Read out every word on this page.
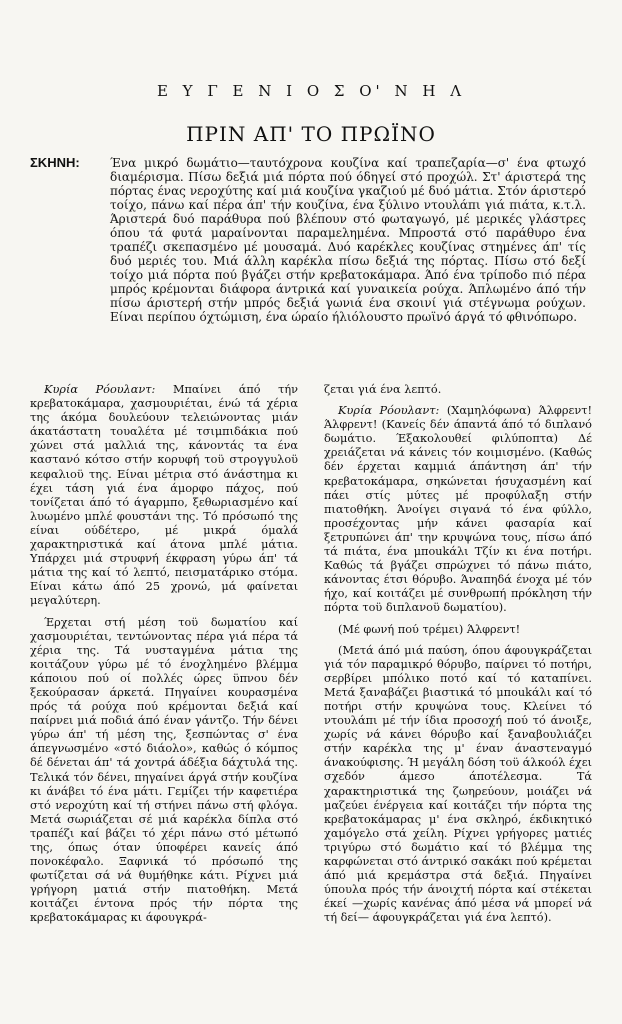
Ε Υ Γ Ε Ν Ι Ο Σ Ο' Ν Η Λ
ΠΡΙΝ ΑΠ' ΤΟ ΠΡΩΪΝΟ
ΣΚΗΝΗ:	Ένα μικρό δωμάτιο—ταυτόχρονα κουζίνα καί τραπεζαρία—σ' ένα φτωχό διαμέρισμα. Πίσω δεξιά μιά πόρτα πού όδηγεί στό προχώλ. Στ' άριστερά της πόρτας ένας νεροχύτης καί μιά κουζίνα γκαζιού μέ δυό μάτια. Στόν άριστερό τοίχο, πάνω καί πέρα άπ' τήν κουζίνα, ένα ξύλινο ντουλάπι γιά πιάτα, κ.τ.λ. Άριστερά δυό παράθυρα πού βλέπουν στό φωταγωγό, μέ μερικές γλάστρες όπου τά φυτά μαραίνονται παραμελημένα. Μπροστά στό παράθυρο ένα τραπέζι σκεπασμένο μέ μουσαμά. Δυό καρέκλες κουζίνας στημένες άπ' τίς δυό μεριές του. Μιά άλλη καρέκλα πίσω δεξιά της πόρτας. Πίσω στό δεξί τοίχο μιά πόρτα πού βγάζει στήν κρεβατοκάμαρα. Άπό ένα τρίποδο πιό πέρα μπρός κρέμονται διάφορα άντρικά καί γυναικεία ρούχα. Άπλωμένο άπό τήν πίσω άριστερή στήν μπρός δεξιά γωνιά ένα σκοινί γιά στέγνωμα ρούχων. Είναι περίπου όχτώμιση, ένα ώραίο ήλιόλουστο πρωϊνό άργά τό φθινόπωρο.

Κυρία Ρόουλαντ: Μπαίνει άπό τήν κρεβατοκάμαρα, χασμουριέται, ένώ τά χέρια της άκόμα δουλεύουν τελειώνοντας μιάν άκατάστατη τουαλέτα μέ τσιμπιδάκια πού χώνει στά μαλλιά της, κάνοντάς τα ένα καστανό κότσο στήν κορυφή τοϋ στρογγυλοϋ κεφαλιοϋ της. Είναι μέτρια στό άνάστημα κι έχει τάση γιά ένα άμορφο πάχος, πού τονίζεται άπό τό άγαρμπο, ξεθωριασμένο καί λυωμένο μπλέ φουστάνι της. Τό πρόσωπό της είναι ούδέτερο, μέ μικρά όμαλά χαρακτηριστικά καί άτονα μπλέ μάτια. Υπάρχει μιά στρυφνή έκφραση γύρω άπ' τά μάτια της καί τό λεπτό, πεισματάρικο στόμα. Είναι κάτω άπό 25 χρονώ, μά φαίνεται μεγαλύτερη.

Έρχεται στή μέση τοϋ δωματίου καί χασμουριέται, τεντώνοντας πέρα γιά πέρα τά χέρια της. Τά νυσταγμένα μάτια της κοιτάζουν γύρω μέ τό ένοχλημένο βλέμμα κάποιου πού οί πολλές ώρες ϋπνου δέν ξεκούρασαν άρκετά. Πηγαίνει κουρασμένα πρός τά ρούχα πού κρέμονται δεξιά καί παίρνει μιά ποδιά άπό έναν γάντζο. Τήν δένει γύρω άπ' τή μέση της, ξεσπώντας σ' ένα άπεγνωσμένο «στό διάολο», καθώς ό κόμπος δέ δένεται άπ' τά χοντρά άδέξια δάχτυλά της. Τελικά τόν δένει, πηγαίνει άργά στήν κουζίνα κι άνάβει τό ένα μάτι. Γεμίζει τήν καφετιέρα στό νεροχύτη καί τή στήνει πάνω στή φλόγα. Μετά σωριάζεται σέ μιά καρέκλα δίπλα στό τραπέζι καί βάζει τό χέρι πάνω στό μέτωπό της, όπως όταν ύποφέρει κανείς άπό πονοκέφαλο. Ξαφνικά τό πρόσωπό της φωτίζεται σά νά θυμήθηκε κάτι. Ρίχνει μιά γρήγορη ματιά στήν πιατοθήκη. Μετά κοιτάζει έντονα πρός τήν πόρτα της κρεβατοκάμαρας κι άφουγκρά-

ζεται γιά ένα λεπτό.

Κυρία Ρόουλαντ: (Χαμηλόφωνα) Άλφρεντ! Άλφρεντ! (Κανείς δέν άπαντά άπό τό διπλανό δωμάτιο. Έξακολουθεί φιλύποπτα) Δέ χρειάζεται νά κάνεις τόν κοιμισμένο. (Καθώς δέν έρχεται καμμιά άπάντηση άπ' τήν κρεβατοκάμαρα, σηκώνεται ήσυχασμένη καί πάει στίς μύτες μέ προφύλαξη στήν πιατοθήκη. Άνοίγει σιγανά τό ένα φύλλο, προσέχοντας μήν κάνει φασαρία καί ξετρυπώνει άπ' την κρυψώνα τους, πίσω άπό τά πιάτα, ένα μποukάλι Τζίν κι ένα ποτήρι. Καθώς τά βγάζει σπρώχνει τό πάνω πιάτο, κάνοντας έτσι θόρυβο. Άναπηδά ένοχα μέ τόν ήχο, καί κοιτάζει μέ συνθρωπή πρόκληση τήν πόρτα τοϋ διπλανοϋ δωματίου).

(Μέ φωνή πού τρέμει) Άλφρεντ!

(Μετά άπό μιά παύση, όπου άφουγκράζεται γιά τόν παραμικρό θόρυβο, παίρνει τό ποτήρι, σερβίρει μπόλικο ποτό καί τό καταπίνει. Μετά ξαναβάζει βιαστικά τό μποukάλι καί τό ποτήρι στήν κρυψώνα τους. Κλείνει τό ντουλάπι μέ τήν ίδια προσοχή πού τό άνοιξε, χωρίς νά κάνει θόρυβο καί ξαναβουλιάζει στήν καρέκλα της μ' έναν άναστεναγμό άνακούφισης. Ή μεγάλη δόση τοϋ άλκοόλ έχει σχεδόν άμεσο άποτέλεσμα. Τά χαρακτηριστικά της ζωηρεύουν, μοιάζει νά μαζεύει ένέργεια καί κοιτάζει τήν πόρτα της κρεβατοκάμαρας μ' ένα σκληρό, έκδικητικό χαμόγελο στά χείλη. Ρίχνει γρήγορες ματιές τριγύρω στό δωμάτιο καί τό βλέμμα της καρφώνεται στό άντρικό σακάκι πού κρέμεται άπό μιά κρεμάστρα στά δεξιά. Πηγαίνει ύπουλα πρός τήν άνοιχτή πόρτα καί στέκεται έκεί —χωρίς κανένας άπό μέσα νά μπορεί νά τή δεί— άφουγκράζεται γιά ένα λεπτό).
